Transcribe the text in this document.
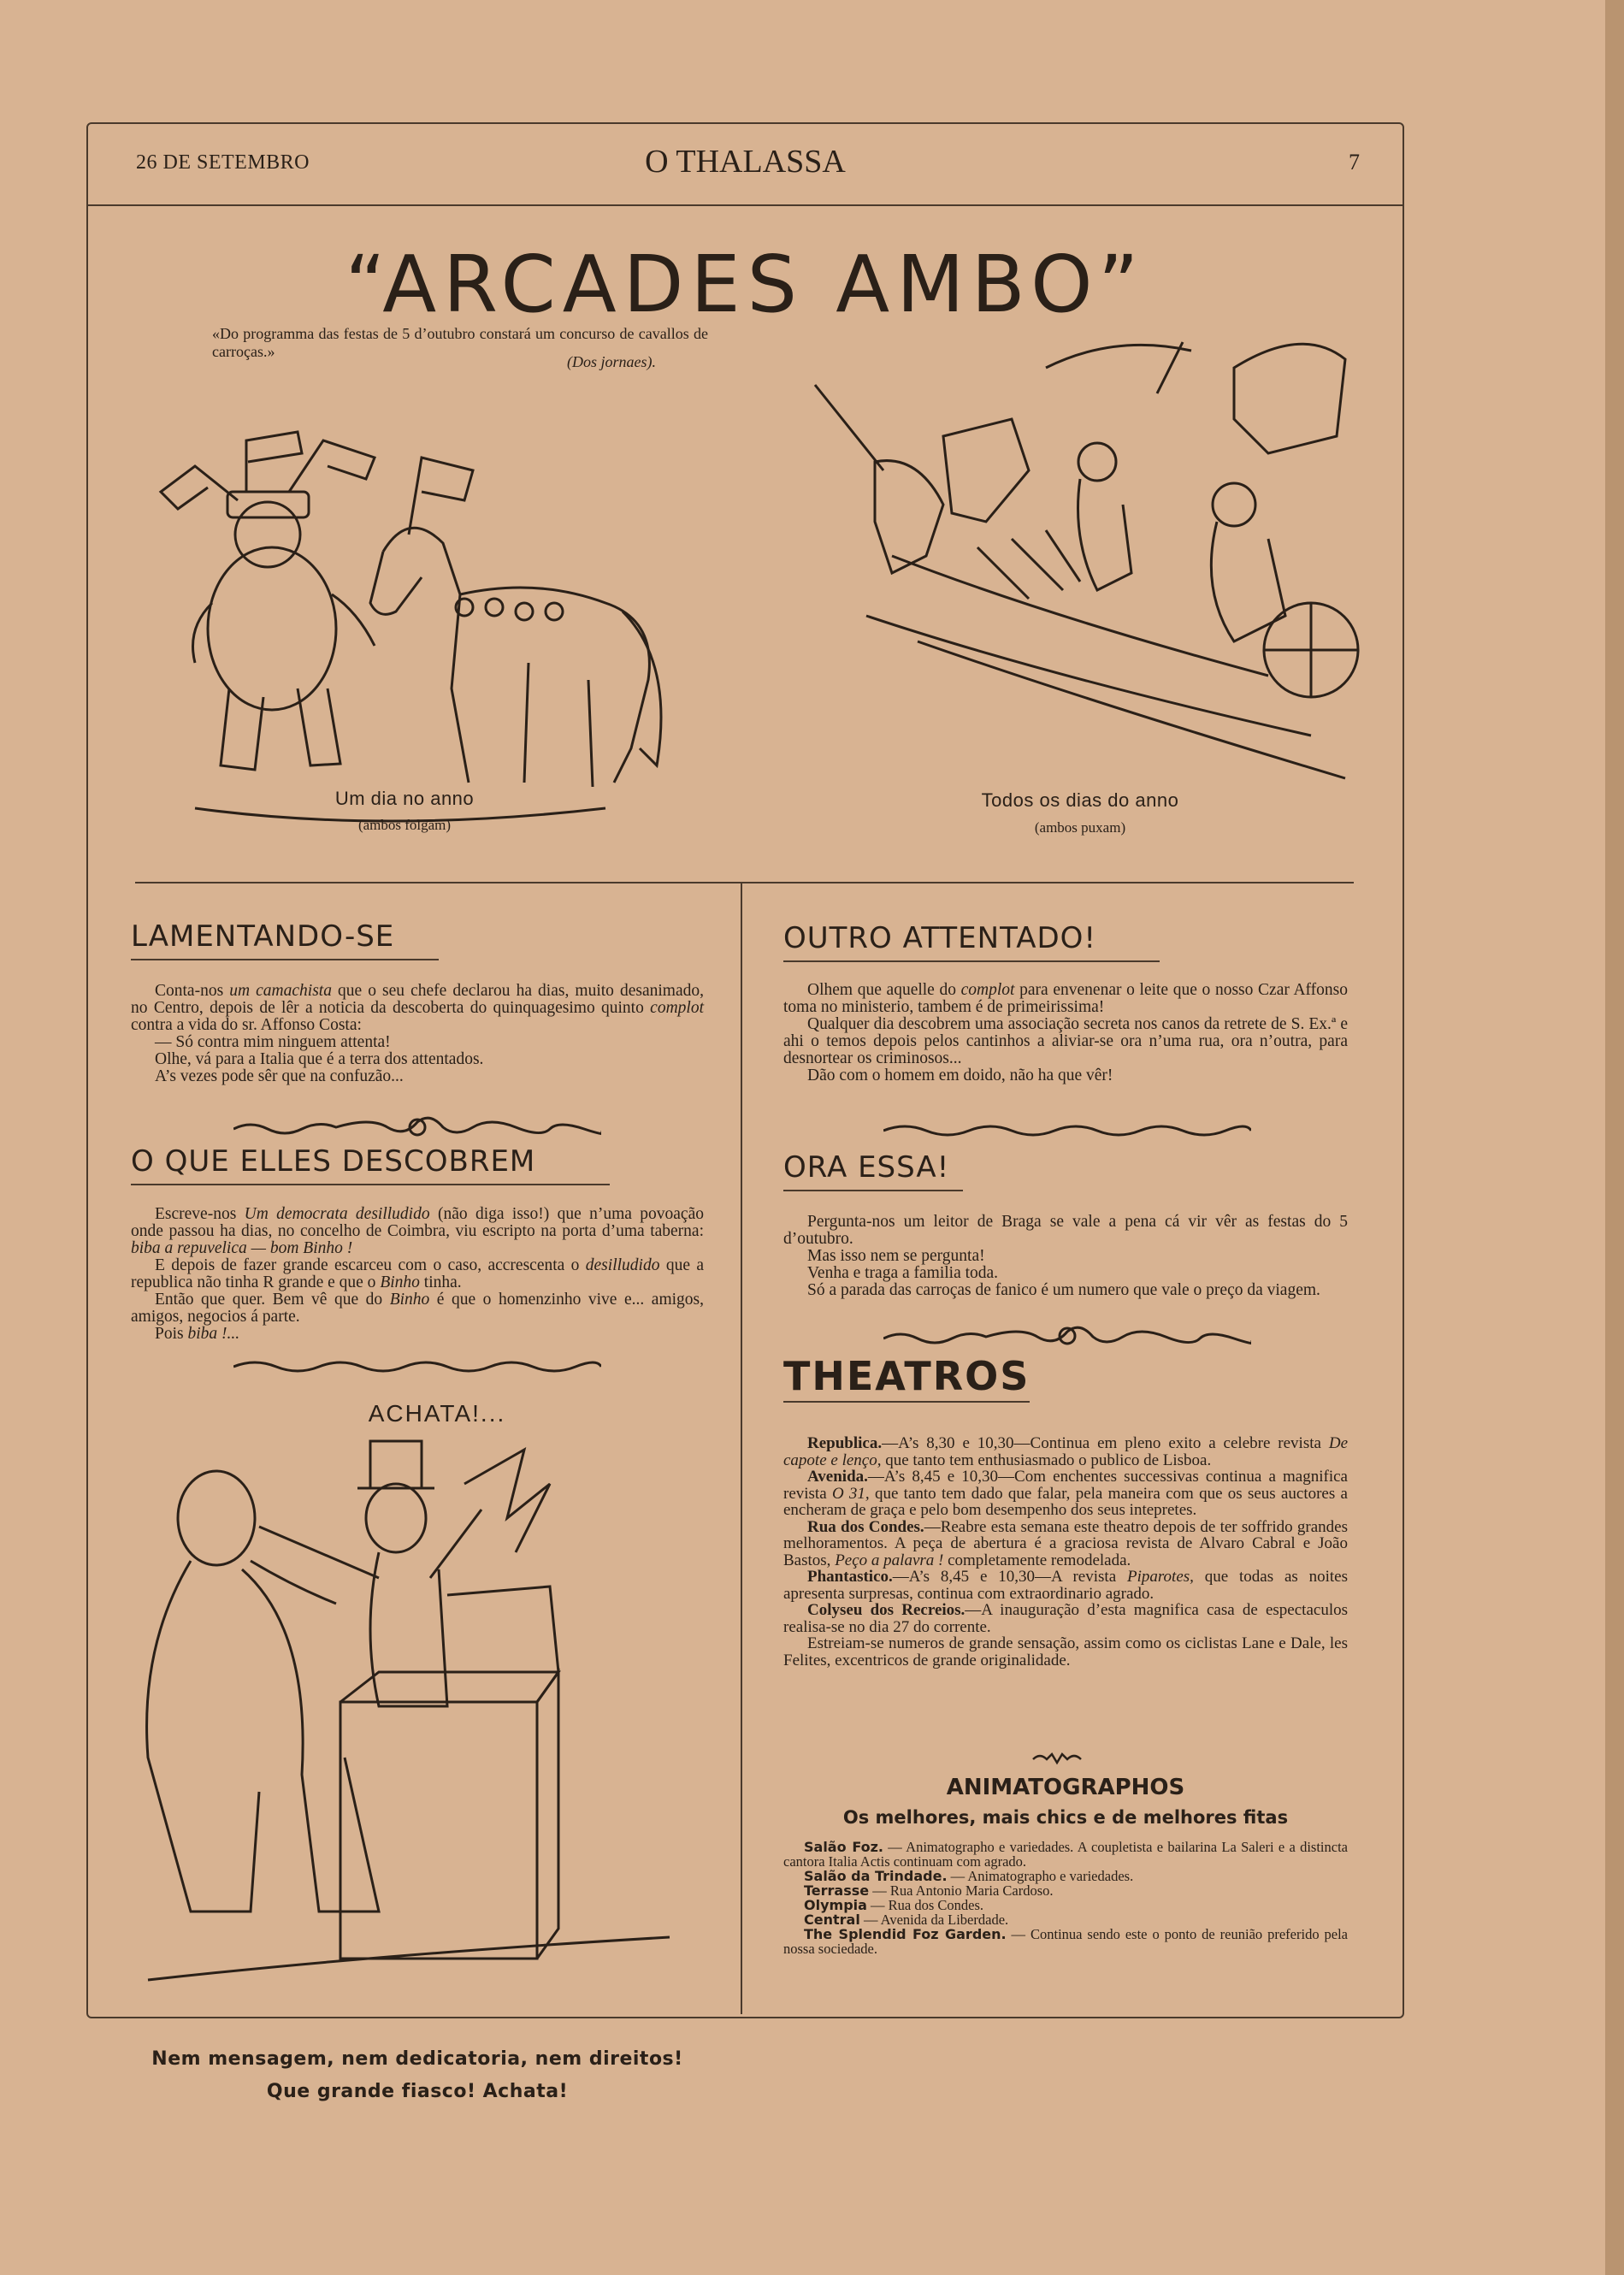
26 DE SETEMBRO	O THALASSA	7
“ARCADES AMBO”
«Do programma das festas de 5 d’outubro constará um concurso de cavallos de carroças.»
(Dos jornaes).
Um dia no anno
(ambos folgam)
Todos os dias do anno
(ambos puxam)
LAMENTANDO-SE

Conta-nos um camachista que o seu chefe declarou ha dias, muito desanimado, no Centro, depois de lêr a noticia da descoberta do quinquagesimo quinto complot contra a vida do sr. Affonso Costa:

— Só contra mim ninguem attenta!

Olhe, vá para a Italia que é a terra dos attentados.

A’s vezes pode sêr que na confuzão...

O QUE ELLES DESCOBREM

Escreve-nos Um democrata desilludido (não diga isso!) que n’uma povoação onde passou ha dias, no concelho de Coimbra, viu escripto na porta d’uma taberna: biba a repuvelica — bom Binho !

E depois de fazer grande escarceu com o caso, accrescenta o desilludido que a republica não tinha R grande e que o Binho tinha.

Então que quer. Bem vê que do Binho é que o homenzinho vive e... amigos, amigos, negocios á parte.

Pois biba !...

ACHATA!...
Nem mensagem, nem dedicatoria, nem direitos!
Que grande fiasco! Achata!
OUTRO ATTENTADO!

Olhem que aquelle do complot para envenenar o leite que o nosso Czar Affonso toma no ministerio, tambem é de primeirissima!

Qualquer dia descobrem uma associação secreta nos canos da retrete de S. Ex.ª e ahi o temos depois pelos cantinhos a aliviar-se ora n’uma rua, ora n’outra, para desnortear os criminosos...

Dão com o homem em doido, não ha que vêr!

ORA ESSA!

Pergunta-nos um leitor de Braga se vale a pena cá vir vêr as festas do 5 d’outubro.

Mas isso nem se pergunta!

Venha e traga a familia toda.

Só a parada das carroças de fanico é um numero que vale o preço da viagem.

THEATROS

Republica.—A’s 8,30 e 10,30—Continua em pleno exito a celebre revista De capote e lenço, que tanto tem enthusiasmado o publico de Lisboa.

Avenida.—A’s 8,45 e 10,30—Com enchentes successivas continua a magnifica revista O 31, que tanto tem dado que falar, pela maneira com que os seus auctores a encheram de graça e pelo bom desempenho dos seus intepretes.

Rua dos Condes.—Reabre esta semana este theatro depois de ter soffrido grandes melhoramentos. A peça de abertura é a graciosa revista de Alvaro Cabral e João Bastos, Peço a palavra ! completamente remodelada.

Phantastico.—A’s 8,45 e 10,30—A revista Piparotes, que todas as noites apresenta surpresas, continua com extraordinario agrado.

Colyseu dos Recreios.—A inauguração d’esta magnifica casa de espectaculos realisa-se no dia 27 do corrente.

Estreiam-se numeros de grande sensação, assim como os ciclistas Lane e Dale, les Felites, excentricos de grande originalidade.

ANIMATOGRAPHOS
Os melhores, mais chics e de melhores fitas

Salão Foz. — Animatographo e variedades. A coupletista e bailarina La Saleri e a distincta cantora Italia Actis continuam com agrado.

Salão da Trindade. — Animatographo e variedades.

Terrasse — Rua Antonio Maria Cardoso.

Olympia — Rua dos Condes.

Central — Avenida da Liberdade.

The Splendid Foz Garden. — Continua sendo este o ponto de reunião preferido pela nossa sociedade.
